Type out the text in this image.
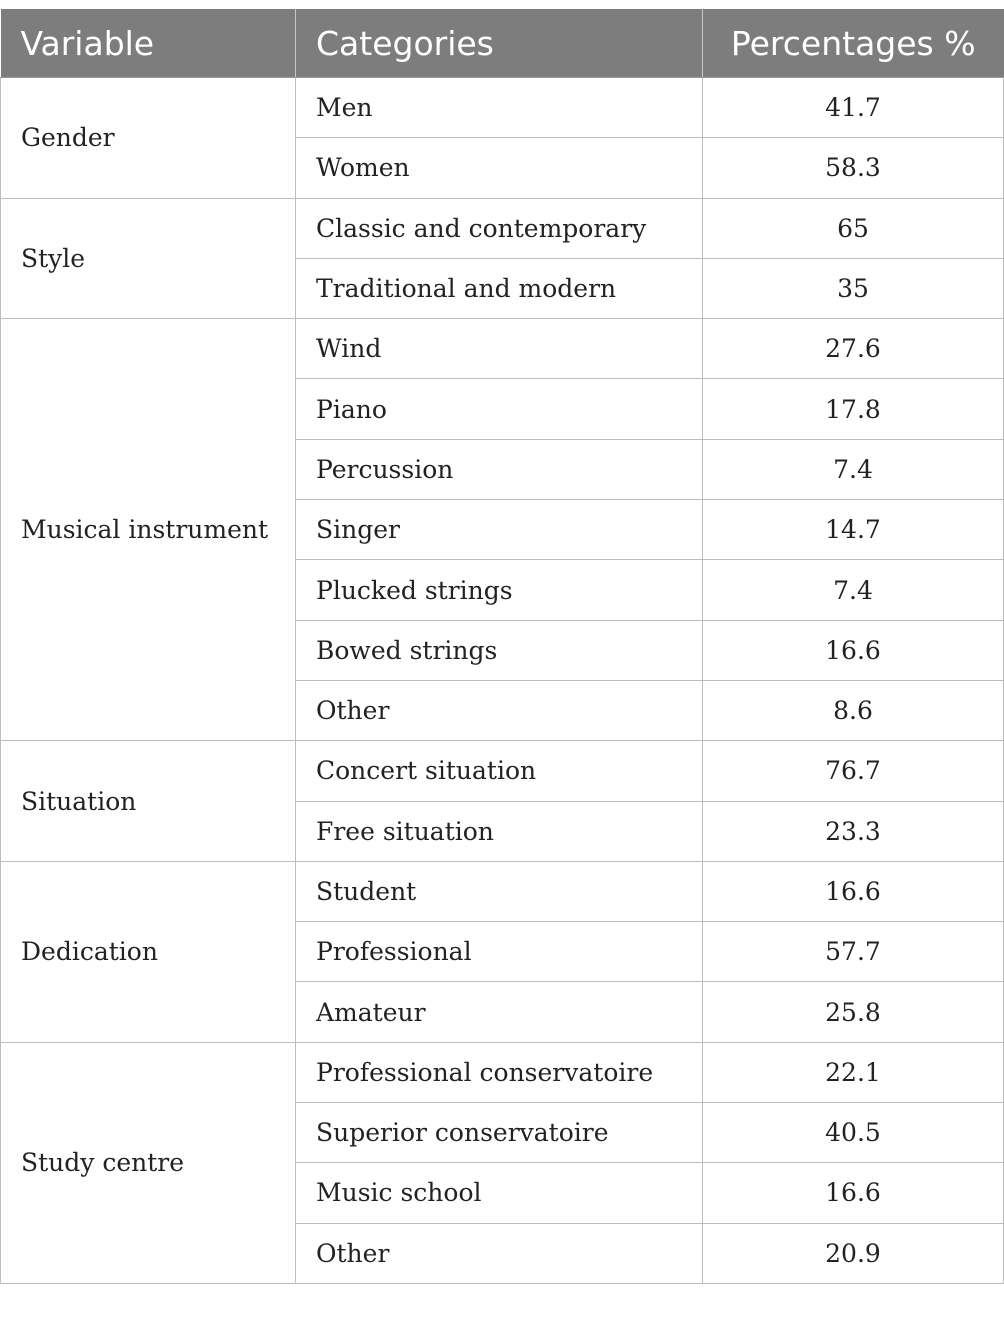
Variable	Categories	Percentages %
Gender	Men	41.7
	Women	58.3
Style	Classic and contemporary	65
	Traditional and modern	35
Musical instrument	Wind	27.6
	Piano	17.8
	Percussion	7.4
	Singer	14.7
	Plucked strings	7.4
	Bowed strings	16.6
	Other	8.6
Situation	Concert situation	76.7
	Free situation	23.3
Dedication	Student	16.6
	Professional	57.7
	Amateur	25.8
Study centre	Professional conservatoire	22.1
	Superior conservatoire	40.5
	Music school	16.6
	Other	20.9
